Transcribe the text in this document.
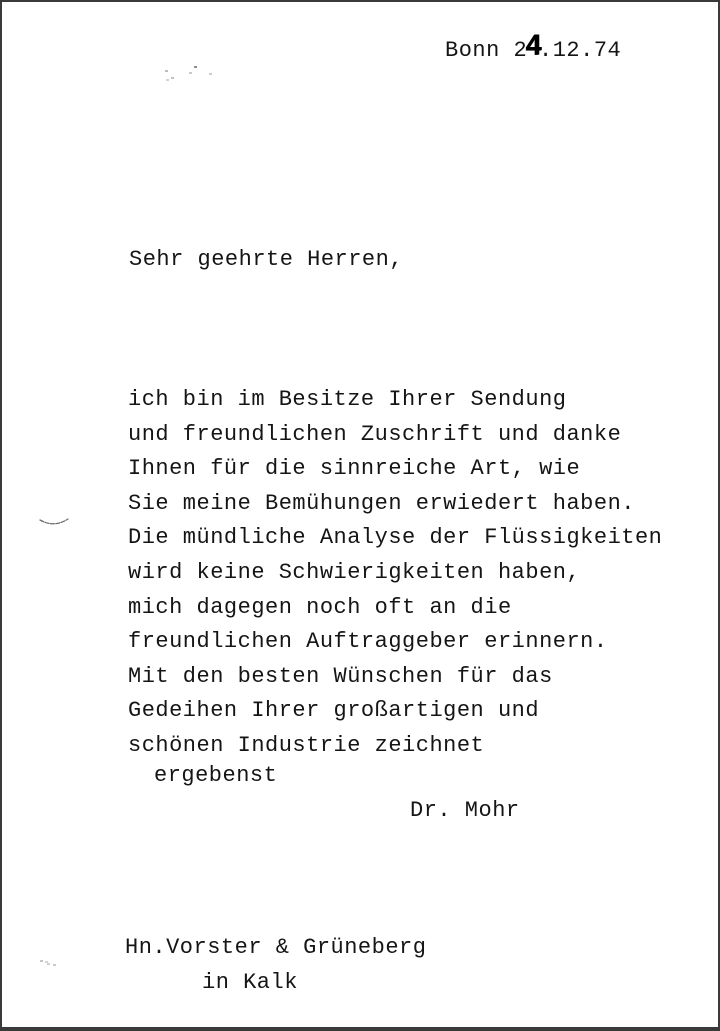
Bonn 24.12.74
Sehr geehrte Herren,
ich bin im Besitze Ihrer Sendung
und freundlichen Zuschrift und danke
Ihnen für die sinnreiche Art, wie
Sie meine Bemühungen erwiedert haben.
Die mündliche Analyse der Flüssigkeiten
wird keine Schwierigkeiten haben,
mich dagegen noch oft an die
freundlichen Auftraggeber erinnern.
Mit den besten Wünschen für das
Gedeihen Ihrer großartigen und
schönen Industrie zeichnet
ergebenst
Dr. Mohr
Hn.Vorster & Grüneberg
in Kalk
